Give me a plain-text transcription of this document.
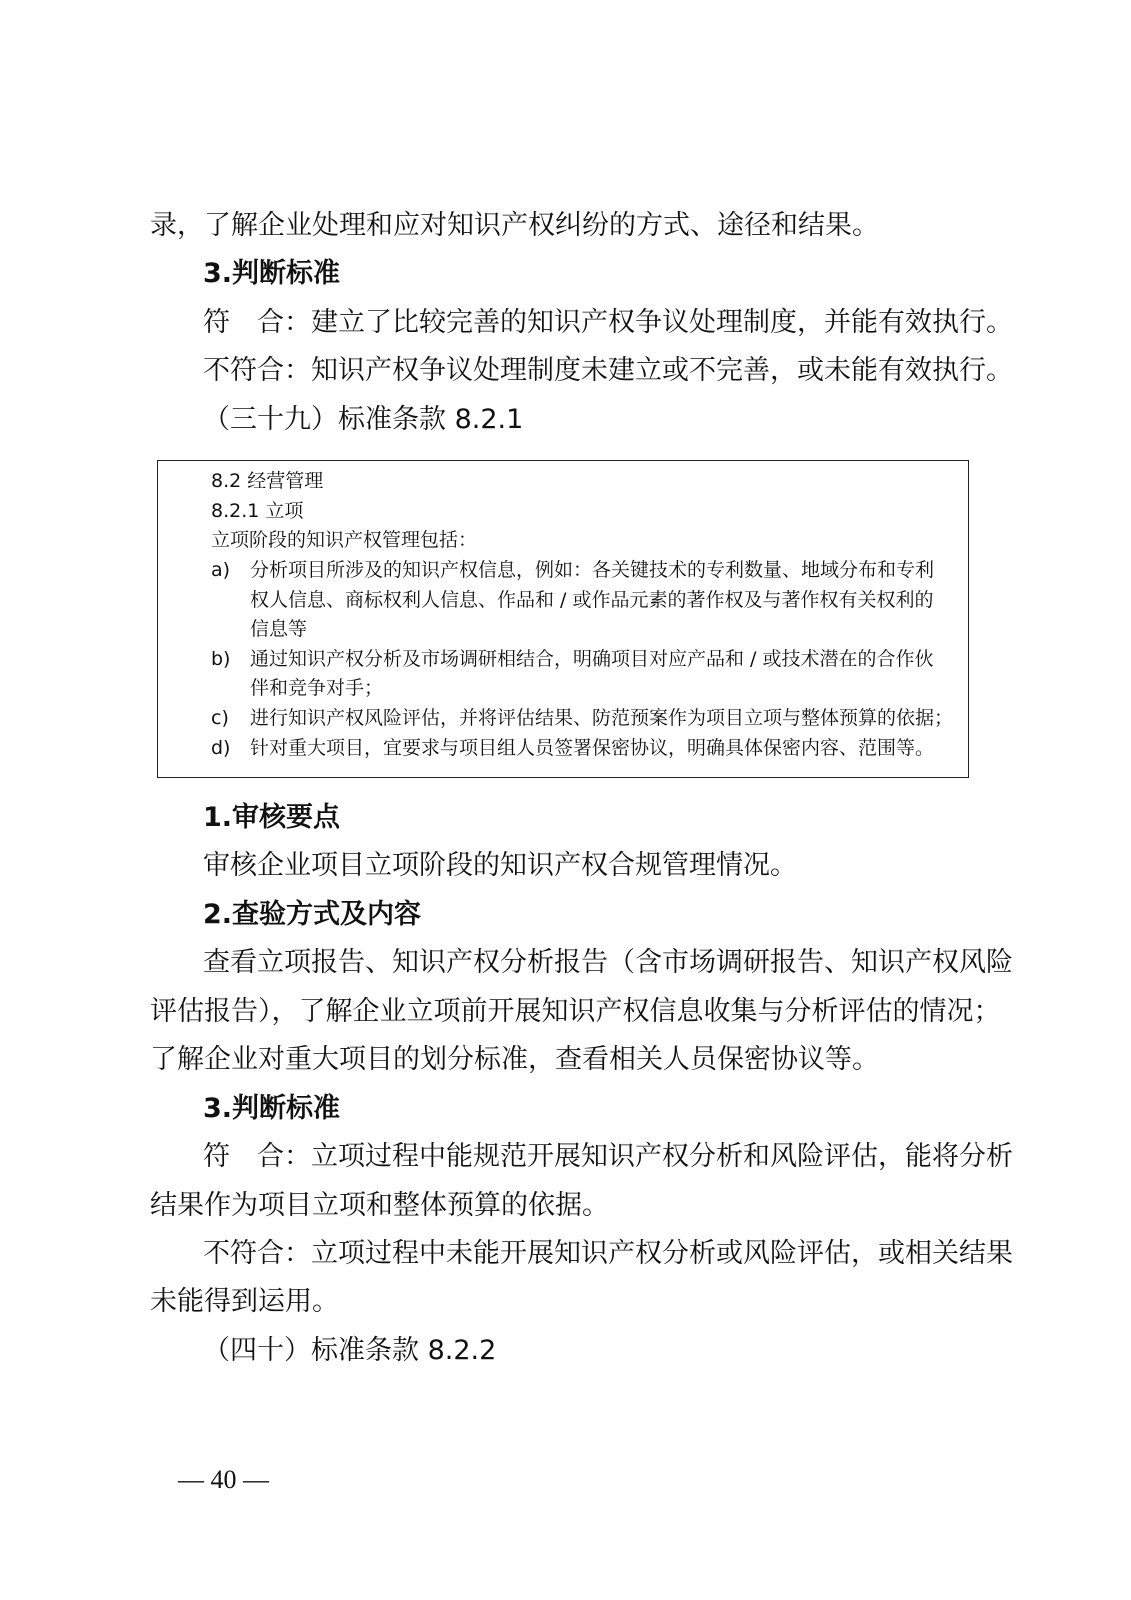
录，了解企业处理和应对知识产权纠纷的方式、途径和结果。
3.判断标准
符　合：建立了比较完善的知识产权争议处理制度，并能有效执行。
不符合：知识产权争议处理制度未建立或不完善，或未能有效执行。
（三十九）标准条款 8.2.1
8.2 经营管理
8.2.1 立项
立项阶段的知识产权管理包括：
a) 分析项目所涉及的知识产权信息，例如：各关键技术的专利数量、地域分布和专利
权人信息、商标权利人信息、作品和 / 或作品元素的著作权及与著作权有关权利的
信息等
b) 通过知识产权分析及市场调研相结合，明确项目对应产品和 / 或技术潜在的合作伙
伴和竞争对手；
c) 进行知识产权风险评估，并将评估结果、防范预案作为项目立项与整体预算的依据；
d) 针对重大项目，宜要求与项目组人员签署保密协议，明确具体保密内容、范围等。
1.审核要点
审核企业项目立项阶段的知识产权合规管理情况。
2.查验方式及内容
查看立项报告、知识产权分析报告（含市场调研报告、知识产权风险
评估报告），了解企业立项前开展知识产权信息收集与分析评估的情况；
了解企业对重大项目的划分标准，查看相关人员保密协议等。
3.判断标准
符　合：立项过程中能规范开展知识产权分析和风险评估，能将分析
结果作为项目立项和整体预算的依据。
不符合：立项过程中未能开展知识产权分析或风险评估，或相关结果
未能得到运用。
（四十）标准条款 8.2.2
— 40 —
